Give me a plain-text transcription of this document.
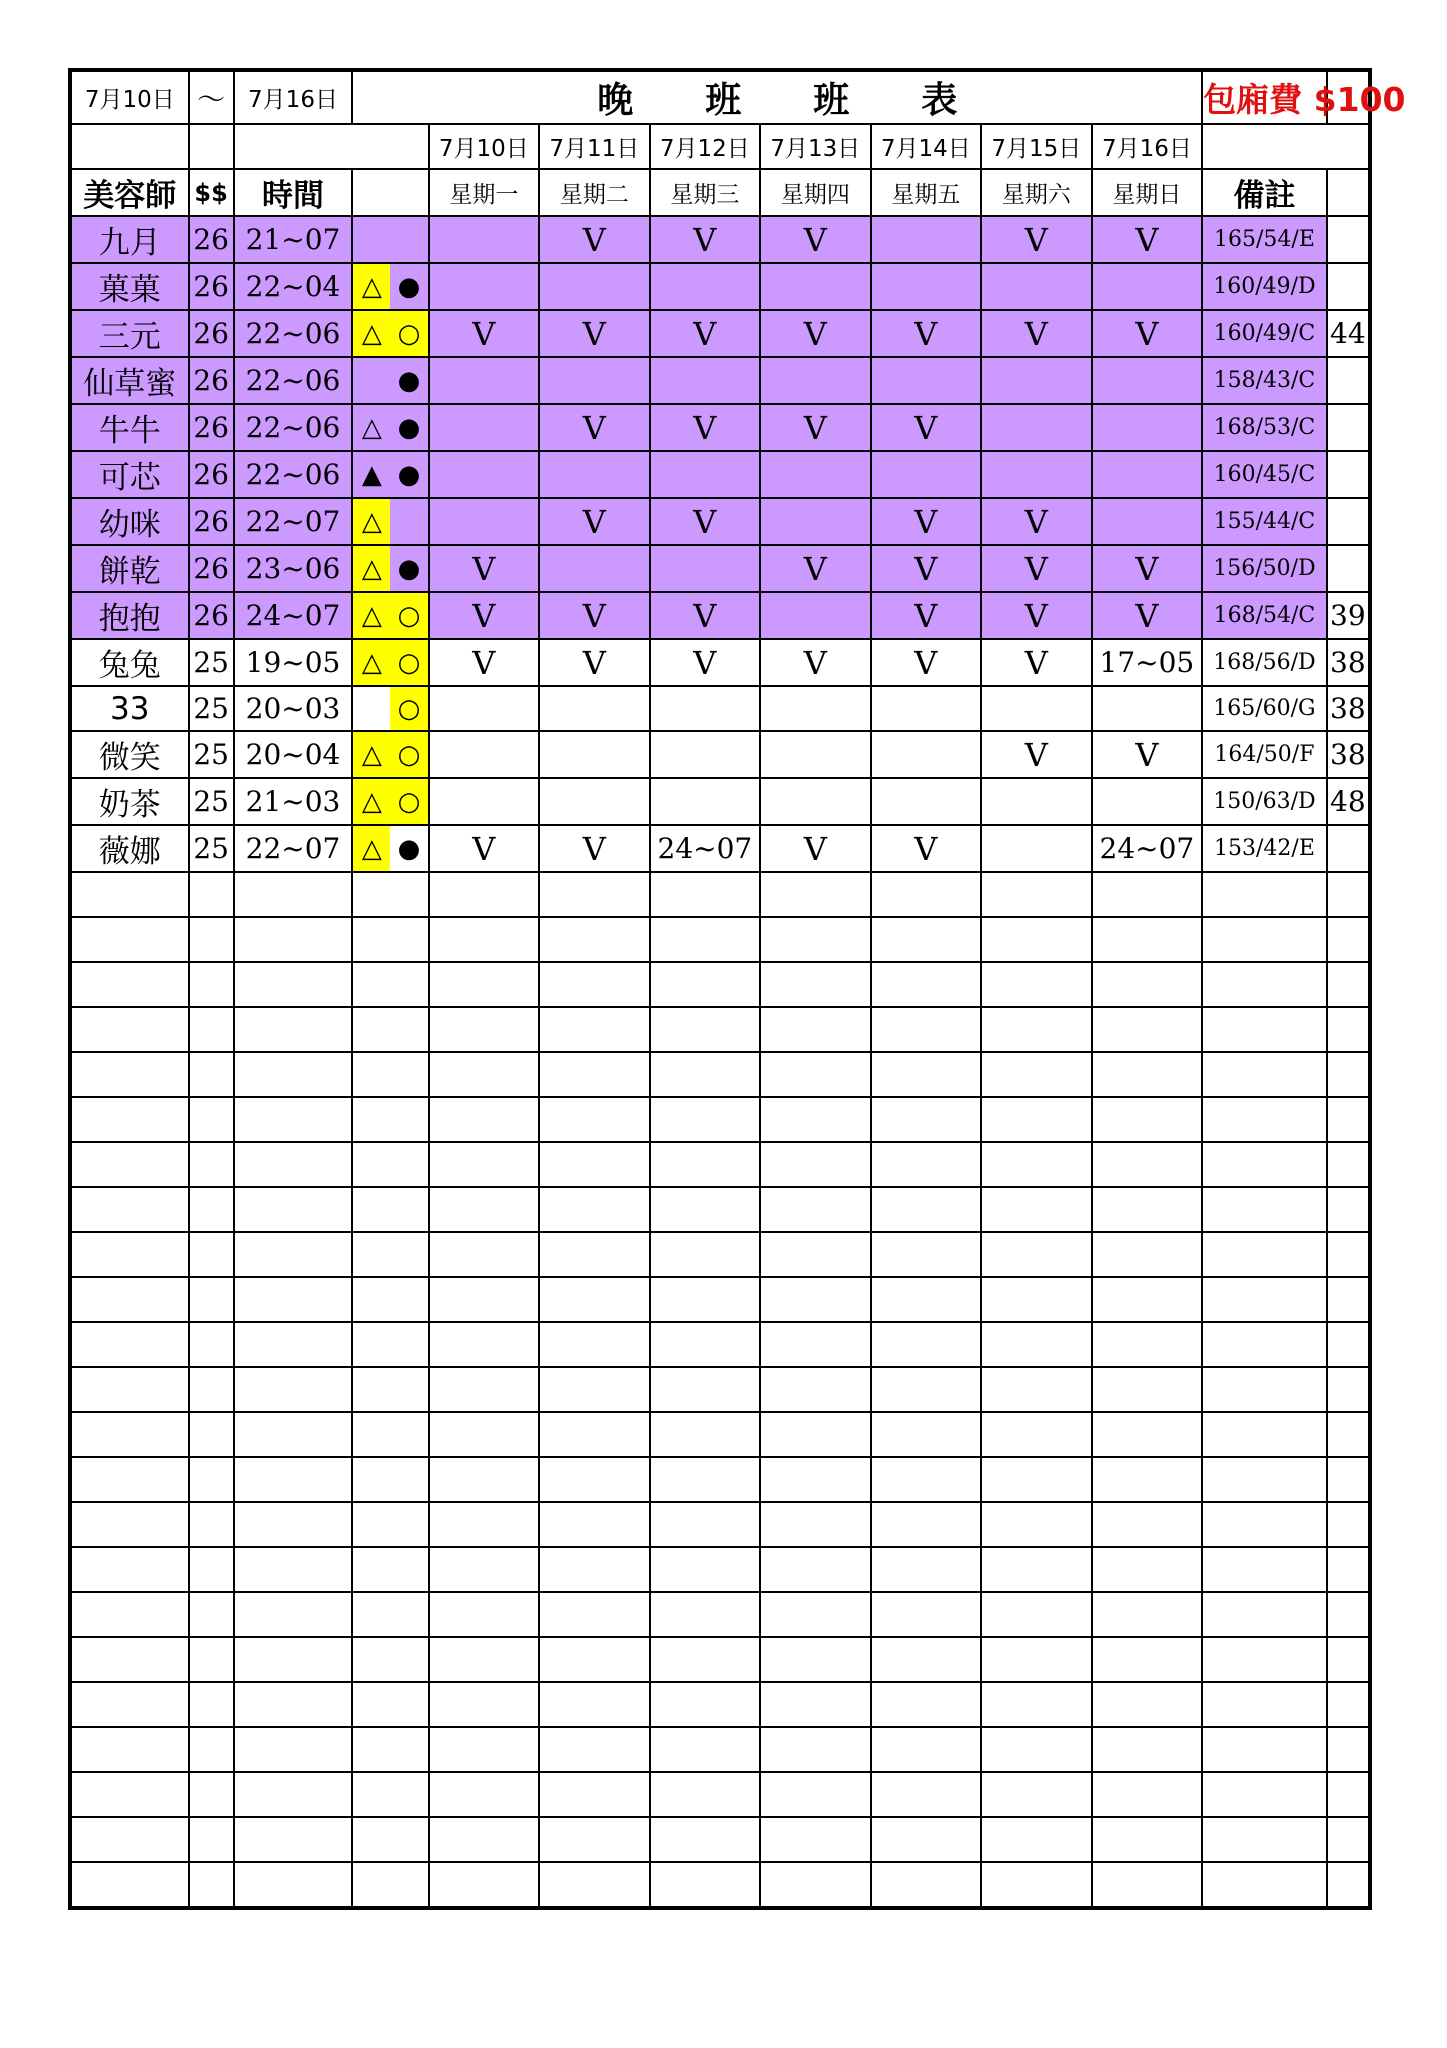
7月10日	～	7月16日	晚 班 班 表								包廂費 $100	
				7月10日	7月11日	7月12日	7月13日	7月14日	7月15日	7月16日		
美容師	$$	時間		星期一	星期二	星期三	星期四	星期五	星期六	星期日	備註	
九月	26	21~07			V	V	V		V	V	165/54/E	
菓菓	26	22~04	△ ●								160/49/D	
三元	26	22~06	△ ○	V	V	V	V	V	V	V	160/49/C	44
仙草蜜	26	22~06	●								158/43/C	
牛牛	26	22~06	△ ●		V	V	V	V			168/53/C	
可芯	26	22~06	▲ ●								160/45/C	
幼咪	26	22~07	△		V	V		V	V		155/44/C	
餅乾	26	23~06	△ ●	V			V	V	V	V	156/50/D	
抱抱	26	24~07	△ ○	V	V	V		V	V	V	168/54/C	39
兔兔	25	19~05	△ ○	V	V	V	V	V	V	17~05	168/56/D	38
33	25	20~03	○								165/60/G	38
微笑	25	20~04	△ ○						V	V	164/50/F	38
奶茶	25	21~03	△ ○								150/63/D	48
薇娜	25	22~07	△ ●	V	V	24~07	V	V		24~07	153/42/E	
